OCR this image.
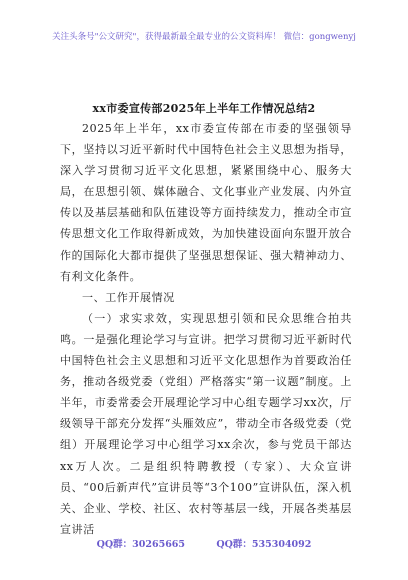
关注头条号"公文研究"，获得最新最全最专业的公文资料库！ 微信：gongwenyj
xx市委宣传部2025年上半年工作情况总结2

2025年上半年，xx市委宣传部在市委的坚强领导下，坚持以习近平新时代中国特色社会主义思想为指导，深入学习贯彻习近平文化思想，紧紧围绕中心、服务大局，在思想引领、媒体融合、文化事业产业发展、内外宣传以及基层基础和队伍建设等方面持续发力，推动全市宣传思想文化工作取得新成效，为加快建设面向东盟开放合作的国际化大都市提供了坚强思想保证、强大精神动力、有利文化条件。

一、工作开展情况

（一）求实求效，实现思想引领和民众思维合拍共鸣。一是强化理论学习与宣讲。把学习贯彻习近平新时代中国特色社会主义思想和习近平文化思想作为首要政治任务，推动各级党委（党组）严格落实“第一议题”制度。上半年，市委常委会开展理论学习中心组专题学习xx次，厅级领导干部充分发挥“头雁效应”，带动全市各级党委（党组）开展理论学习中心组学习xx余次，参与党员干部达xx万人次。二是组织特聘教授（专家）、大众宣讲员、“00后新声代”宣讲员等“3个100”宣讲队伍，深入机关、企业、学校、社区、农村等基层一线，开展各类基层宣讲活

QQ群：30265665	QQ群：535304092
